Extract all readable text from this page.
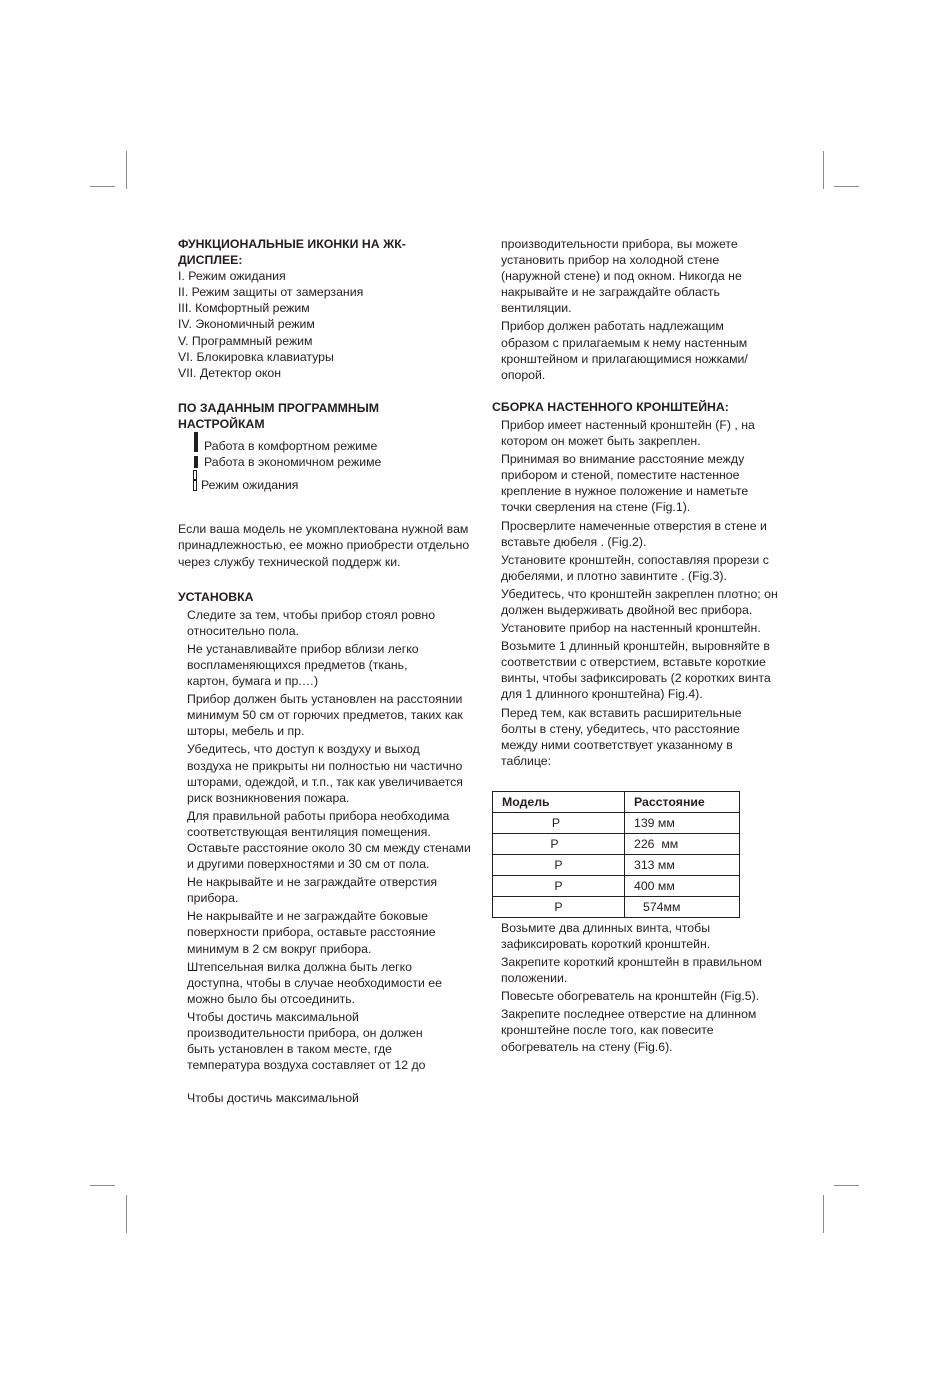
ФУНКЦИОНАЛЬНЫЕ ИКОНКИ НА ЖК-ДИСПЛЕЕ:

I. Режим ожидания

II. Режим защиты от замерзания

III. Комфортный режим

IV. Экономичный режим

V. Программный режим

VI. Блокировка клавиатуры

VII. Детектор окон

ПО ЗАДАННЫМ ПРОГРАММНЫМ НАСТРОЙКАМ

Работа в комфортном режиме
Работа в экономичном режиме
Режим ожидания

Если ваша модель не укомплектована нужной вам принадлежностью, ее можно приобрести отдельно через службу технической поддерж ки.

УСТАНОВКА

Следите за тем, чтобы прибор стоял ровно относительно пола.

Не устанавливайте прибор вблизи легко воспламеняющихся предметов (ткань, картон, бумага и пр.…)

Прибор должен быть установлен на расстоянии минимум 50 см от горючих предметов, таких как шторы, мебель и пр.

Убедитесь, что доступ к воздуху и выход воздуха не прикрыты ни полностью ни частично шторами, одеждой, и т.п., так как увеличивается риск возникновения пожара.

Для правильной работы прибора необходима соответствующая вентиляция помещения. Оставьте расстояние около 30 см между стенами и другими поверхностями и 30 см от пола.

Не накрывайте и не заграждайте отверстия прибора.

Не накрывайте и не заграждайте боковые поверхности прибора, оставьте расстояние минимум в 2 см вокруг прибора.

Штепсельная вилка должна быть легко доступна, чтобы в случае необходимости ее можно было бы отсоединить.

Чтобы достичь максимальной производительности прибора, он должен быть установлен в таком месте, где температура воздуха составляет от 12 до

Чтобы достичь максимальной

производительности прибора, вы можете установить прибор на холодной стене (наружной стене) и под окном. Никогда не накрывайте и не заграждайте область вентиляции.

Прибор должен работать надлежащим образом с прилагаемым к нему настенным кронштейном и прилагающимися ножками/опорой.

СБОРКА НАСТЕННОГО КРОНШТЕЙНА:

Прибор имеет настенный кронштейн (F) , на котором он может быть закреплен.

Принимая во внимание расстояние между прибором и стеной, поместите настенное крепление в нужное положение и наметьте точки сверления на стене (Fig.1).

Просверлите намеченные отверстия в стене и вставьте дюбеля . (Fig.2).

Установите кронштейн, сопоставляя прорези с дюбелями, и плотно завинтите . (Fig.3).

Убедитесь, что кронштейн закреплен плотно; он должен выдерживать двойной вес прибора.

Установите прибор на настенный кронштейн.

Возьмите 1 длинный кронштейн, выровняйте в соответствии с отверстием, вставьте короткие винты, чтобы зафиксировать (2 коротких винта для 1 длинного кронштейна) Fig.4).

Перед тем, как вставить расширительные болты в стену, убедитесь, что расстояние между ними соответствует указанному в таблице:

Модель	Расстояние
P	139 мм
P	226  мм
P	313 мм
P	400 мм
P	574мм

Возьмите два длинных винта, чтобы зафиксировать короткий кронштейн.

Закрепите короткий кронштейн в правильном положении.

Повесьте обогреватель на кронштейн (Fig.5).

Закрепите последнее отверстие на длинном кронштейне после того, как повесите обогреватель на стену (Fig.6).
